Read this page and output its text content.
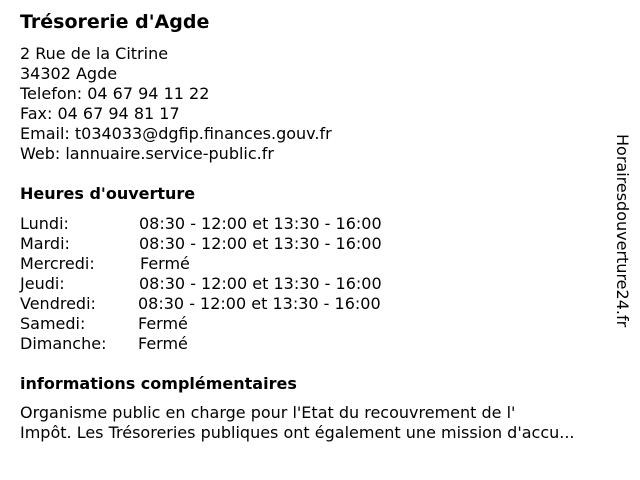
Trésorerie d'Agde
2 Rue de la Citrine
34302 Agde
Telefon: 04 67 94 11 22
Fax: 04 67 94 81 17
Email: t034033@dgfip.finances.gouv.fr
Web: lannuaire.service-public.fr
Heures d'ouverture
Lundi:	08:30 - 12:00 et 13:30 - 16:00
Mardi:	08:30 - 12:00 et 13:30 - 16:00
Mercredi:	Fermé
Jeudi:	08:30 - 12:00 et 13:30 - 16:00
Vendredi:	08:30 - 12:00 et 13:30 - 16:00
Samedi:	Fermé
Dimanche: Fermé
informations complémentaires
Organisme public en charge pour l'Etat du recouvrement de l'
Impôt. Les Trésoreries publiques ont également une mission d'accu...
Horairesdouverture24.fr
